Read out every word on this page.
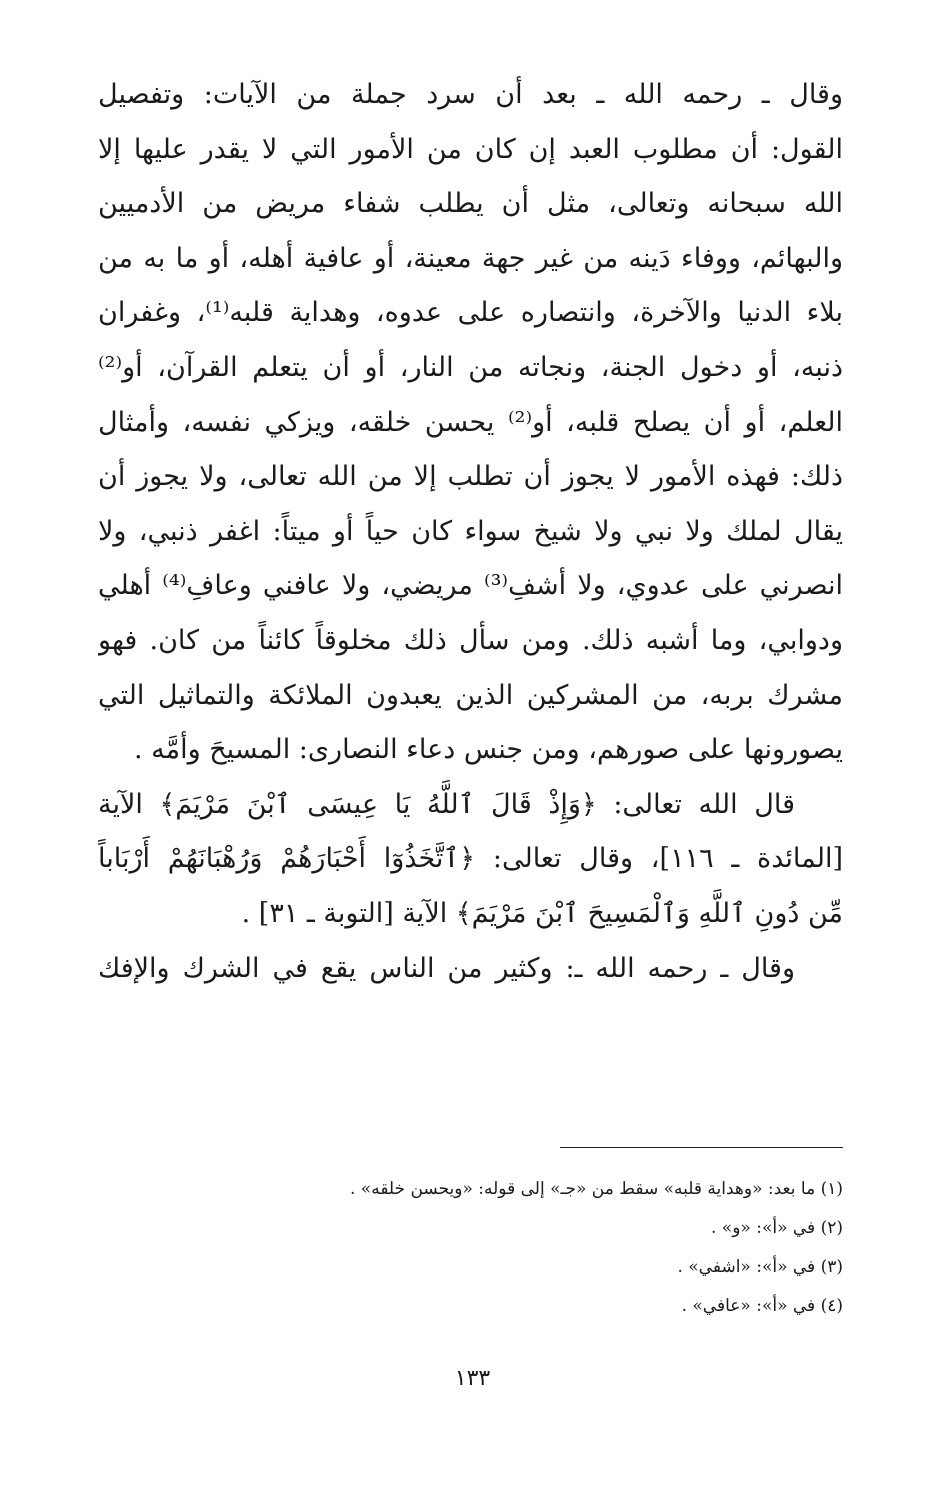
وقال ـ رحمه الله ـ بعد أن سرد جملة من الآيات: وتفصيل
القول: أن مطلوب العبد إن كان من الأمور التي لا يقدر عليها إلا
الله سبحانه وتعالى، مثل أن يطلب شفاء مريض من الأدميين
والبهائم، ووفاء دَينه من غير جهة معينة، أو عافية أهله، أو ما به من
بلاء الدنيا والآخرة، وانتصاره على عدوه، وهداية قلبه⁽¹⁾، وغفران
ذنبه، أو دخول الجنة، ونجاته من النار، أو أن يتعلم القرآن، أو⁽²⁾
العلم، أو أن يصلح قلبه، أو⁽²⁾ يحسن خلقه، ويزكي نفسه، وأمثال
ذلك: فهذه الأمور لا يجوز أن تطلب إلا من الله تعالى، ولا يجوز أن
يقال لملك ولا نبي ولا شيخ سواء كان حياً أو ميتاً: اغفر ذنبي، ولا
انصرني على عدوي، ولا أشفِ⁽³⁾ مريضي، ولا عافني وعافِ⁽⁴⁾ أهلي
ودوابي، وما أشبه ذلك. ومن سأل ذلك مخلوقاً كائناً من كان. فهو
مشرك بربه، من المشركين الذين يعبدون الملائكة والتماثيل التي
يصورونها على صورهم، ومن جنس دعاء النصارى: المسيحَ وأمَّه .
قال الله تعالى: ﴿وَإِذْ قَالَ ٱللَّهُ يَا عِيسَى ٱبْنَ مَرْيَمَ﴾ الآية
[المائدة ـ ١١٦]، وقال تعالى: ﴿ٱتَّخَذُوٓا أَحْبَارَهُمْ وَرُهْبَانَهُمْ أَرْبَاباً
مِّن دُونِ ٱللَّهِ وَٱلْمَسِيحَ ٱبْنَ مَرْيَمَ﴾ الآية [التوبة ـ ٣١] .
وقال ـ رحمه الله ـ: وكثير من الناس يقع في الشرك والإفك
(١) ما بعد: «وهداية قلبه» سقط من «جـ» إلى قوله: «ويحسن خلقه» .
(٢) في «أ»: «و» .
(٣) في «أ»: «اشفي» .
(٤) في «أ»: «عافي» .
١٣٣
